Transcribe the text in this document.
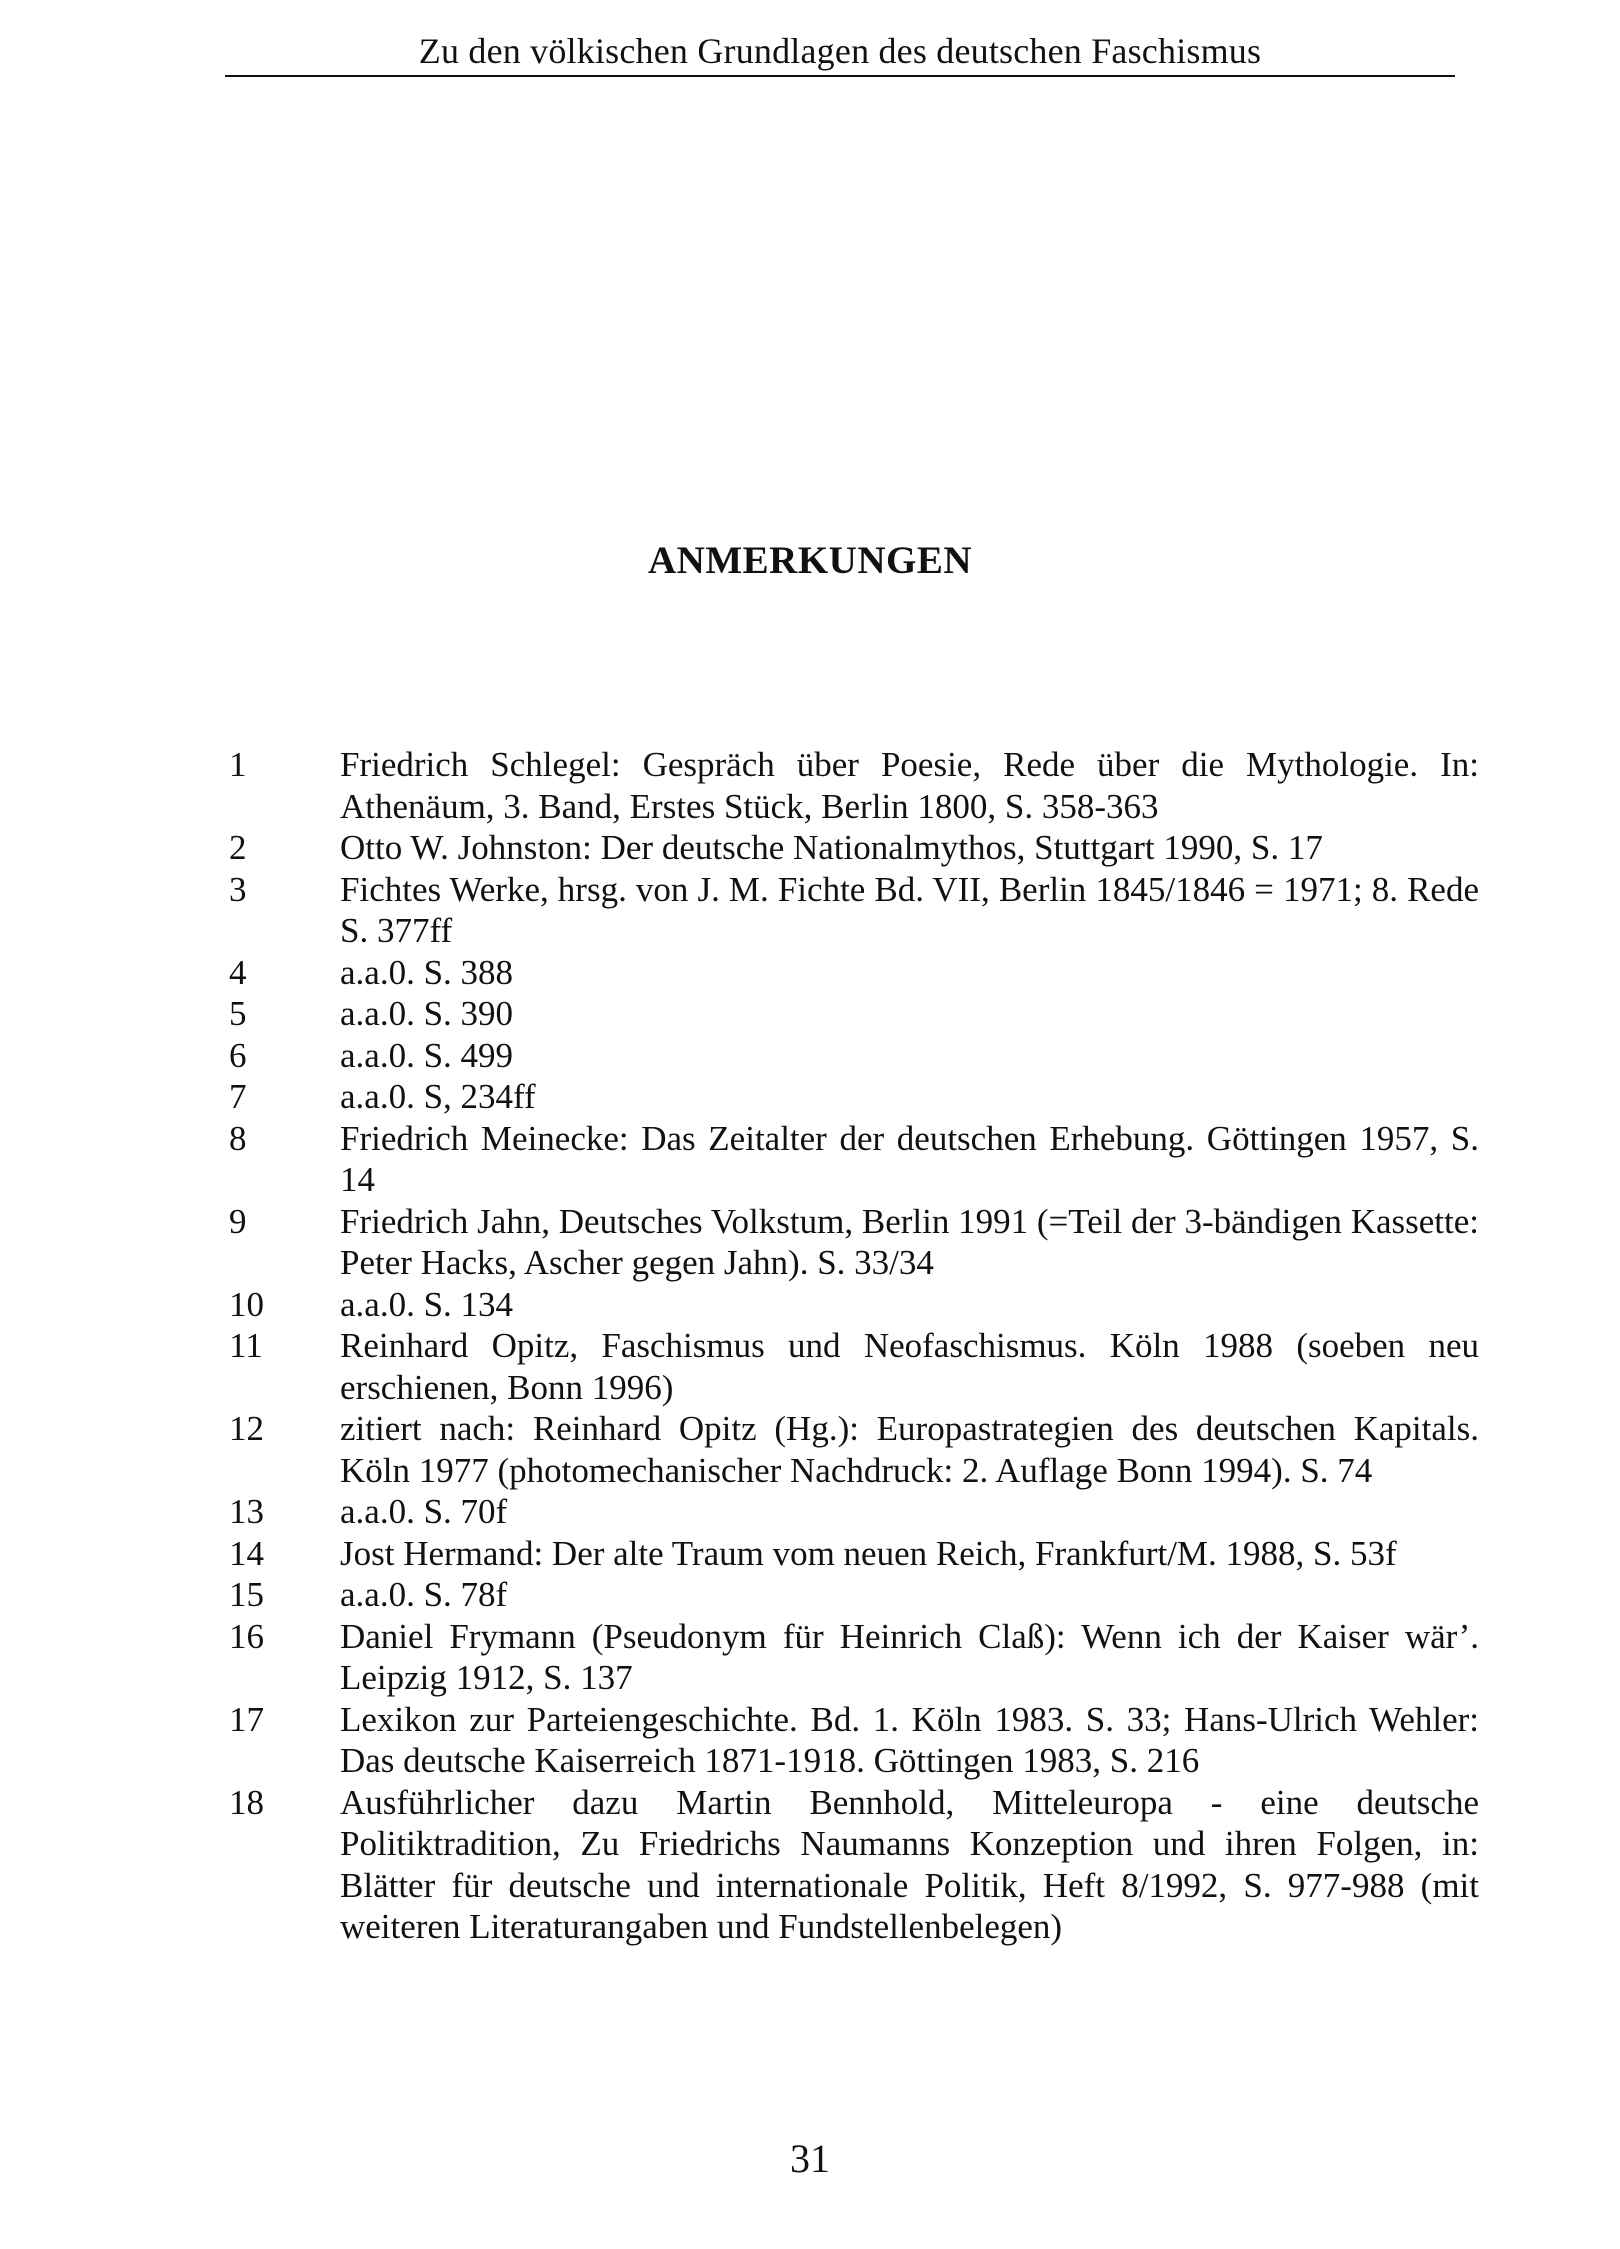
Zu den völkischen Grundlagen des deutschen Faschismus
ANMERKUNGEN
1	Friedrich Schlegel: Gespräch über Poesie, Rede über die Mythologie. In: Athenäum, 3. Band, Erstes Stück, Berlin 1800, S. 358-363
2	Otto W. Johnston: Der deutsche Nationalmythos, Stuttgart 1990, S. 17
3	Fichtes Werke, hrsg. von J. M. Fichte Bd. VII, Berlin 1845/1846 = 1971; 8. Rede S. 377ff
4	a.a.0. S. 388
5	a.a.0. S. 390
6	a.a.0. S. 499
7	a.a.0. S, 234ff
8	Friedrich Meinecke: Das Zeitalter der deutschen Erhebung. Göttingen 1957, S. 14
9	Friedrich Jahn, Deutsches Volkstum, Berlin 1991 (=Teil der 3-bändigen Kassette: Peter Hacks, Ascher gegen Jahn). S. 33/34
10	a.a.0. S. 134
11	Reinhard Opitz, Faschismus und Neofaschismus. Köln 1988 (soeben neu erschienen, Bonn 1996)
12	zitiert nach: Reinhard Opitz (Hg.): Europastrategien des deutschen Kapitals. Köln 1977 (photomechanischer Nachdruck: 2. Auflage Bonn 1994). S. 74
13	a.a.0. S. 70f
14	Jost Hermand: Der alte Traum vom neuen Reich, Frankfurt/M. 1988, S. 53f
15	a.a.0. S. 78f
16	Daniel Frymann (Pseudonym für Heinrich Claß): Wenn ich der Kaiser wär’. Leipzig 1912, S. 137
17	Lexikon zur Parteiengeschichte. Bd. 1. Köln 1983. S. 33; Hans-Ulrich Wehler: Das deutsche Kaiserreich 1871-1918. Göttingen 1983, S. 216
18	Ausführlicher dazu Martin Bennhold, Mitteleuropa - eine deutsche Politiktradition, Zu Friedrichs Naumanns Konzeption und ihren Folgen, in: Blätter für deutsche und internationale Politik, Heft 8/1992, S. 977-988 (mit weiteren Literaturangaben und Fundstellenbelegen)
31
